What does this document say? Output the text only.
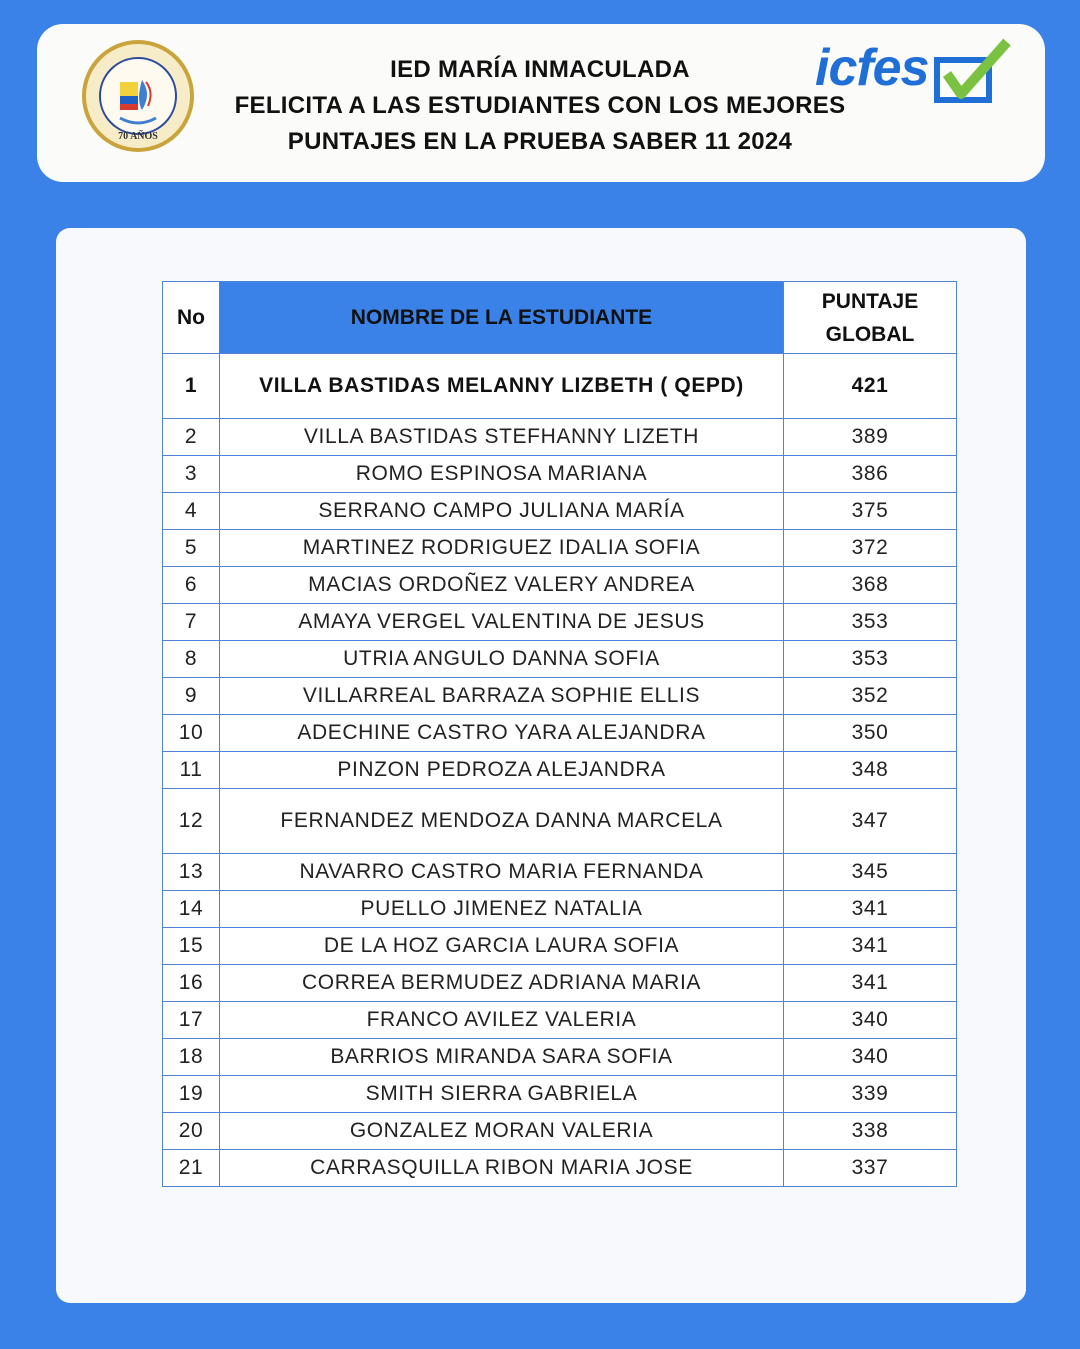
70 AÑOS
IED MARÍA INMACULADA
FELICITA A LAS ESTUDIANTES CON LOS MEJORES
PUNTAJES EN LA PRUEBA SABER 11 2024
icfes
No	NOMBRE DE LA ESTUDIANTE	PUNTAJE
GLOBAL

1	VILLA BASTIDAS MELANNY LIZBETH ( QEPD)	421
2	VILLA BASTIDAS STEFHANNY LIZETH	389
3	ROMO ESPINOSA MARIANA	386
4	SERRANO CAMPO JULIANA MARÍA	375
5	MARTINEZ RODRIGUEZ IDALIA SOFIA	372
6	MACIAS ORDOÑEZ VALERY ANDREA	368
7	AMAYA VERGEL VALENTINA DE JESUS	353
8	UTRIA ANGULO DANNA SOFIA	353
9	VILLARREAL BARRAZA SOPHIE ELLIS	352
10	ADECHINE CASTRO YARA ALEJANDRA	350
11	PINZON PEDROZA ALEJANDRA	348
12	FERNANDEZ MENDOZA DANNA MARCELA	347
13	NAVARRO CASTRO MARIA FERNANDA	345
14	PUELLO JIMENEZ NATALIA	341
15	DE LA HOZ GARCIA LAURA SOFIA	341
16	CORREA BERMUDEZ ADRIANA MARIA	341
17	FRANCO AVILEZ VALERIA	340
18	BARRIOS MIRANDA SARA SOFIA	340
19	SMITH SIERRA GABRIELA	339
20	GONZALEZ MORAN VALERIA	338
21	CARRASQUILLA RIBON MARIA JOSE	337
